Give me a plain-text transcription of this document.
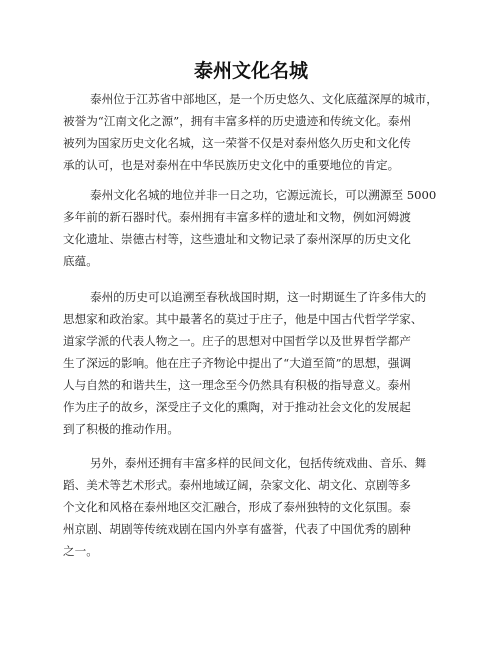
泰州文化名城
泰州位于江苏省中部地区，是一个历史悠久、文化底蕴深厚的城市，
被誉为“江南文化之源”，拥有丰富多样的历史遗迹和传统文化。泰州
被列为国家历史文化名城，这一荣誉不仅是对泰州悠久历史和文化传
承的认可，也是对泰州在中华民族历史文化中的重要地位的肯定。
泰州文化名城的地位并非一日之功，它源远流长，可以溯源至 5000
多年前的新石器时代。泰州拥有丰富多样的遗址和文物，例如河姆渡
文化遗址、崇德古村等，这些遗址和文物记录了泰州深厚的历史文化
底蕴。
泰州的历史可以追溯至春秋战国时期，这一时期诞生了许多伟大的
思想家和政治家。其中最著名的莫过于庄子，他是中国古代哲学学家、
道家学派的代表人物之一。庄子的思想对中国哲学以及世界哲学都产
生了深远的影响。他在庄子齐物论中提出了“大道至简”的思想，强调
人与自然的和谐共生，这一理念至今仍然具有积极的指导意义。泰州
作为庄子的故乡，深受庄子文化的熏陶，对于推动社会文化的发展起
到了积极的推动作用。
另外，泰州还拥有丰富多样的民间文化，包括传统戏曲、音乐、舞
蹈、美术等艺术形式。泰州地域辽阔，杂家文化、胡文化、京剧等多
个文化和风格在泰州地区交汇融合，形成了泰州独特的文化氛围。泰
州京剧、胡剧等传统戏剧在国内外享有盛誉，代表了中国优秀的剧种
之一。
